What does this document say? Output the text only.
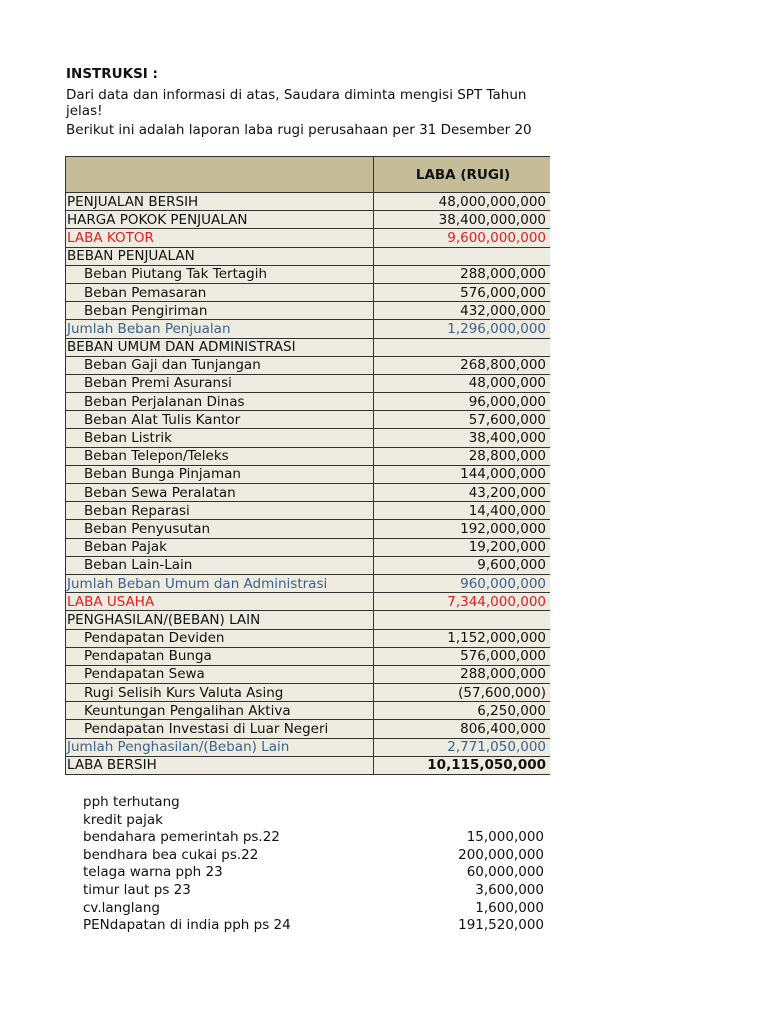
INSTRUKSI :
Dari data dan informasi di atas, Saudara diminta mengisi SPT Tahun
jelas!
Berikut ini adalah laporan laba rugi perusahaan per 31 Desember 20
	LABA (RUGI)
PENJUALAN BERSIH	48,000,000,000
HARGA POKOK PENJUALAN	38,400,000,000
LABA KOTOR	9,600,000,000
BEBAN PENJUALAN	
Beban Piutang Tak Tertagih	288,000,000
Beban Pemasaran	576,000,000
Beban Pengiriman	432,000,000
Jumlah Beban Penjualan	1,296,000,000
BEBAN UMUM DAN ADMINISTRASI	
Beban Gaji dan Tunjangan	268,800,000
Beban Premi Asuransi	48,000,000
Beban Perjalanan Dinas	96,000,000
Beban Alat Tulis Kantor	57,600,000
Beban Listrik	38,400,000
Beban Telepon/Teleks	28,800,000
Beban Bunga Pinjaman	144,000,000
Beban Sewa Peralatan	43,200,000
Beban Reparasi	14,400,000
Beban Penyusutan	192,000,000
Beban Pajak	19,200,000
Beban Lain-Lain	9,600,000
Jumlah Beban Umum dan Administrasi	960,000,000
LABA USAHA	7,344,000,000
PENGHASILAN/(BEBAN) LAIN	
Pendapatan Deviden	1,152,000,000
Pendapatan Bunga	576,000,000
Pendapatan Sewa	288,000,000
Rugi Selisih Kurs Valuta Asing	(57,600,000)
Keuntungan Pengalihan Aktiva	6,250,000
Pendapatan Investasi di Luar Negeri	806,400,000
Jumlah Penghasilan/(Beban) Lain	2,771,050,000
LABA BERSIH	10,115,050,000
pph terhutang
kredit pajak
bendahara pemerintah ps.22	15,000,000
bendhara bea cukai ps.22	200,000,000
telaga warna pph 23	60,000,000
timur laut ps 23	3,600,000
cv.langlang	1,600,000
PENdapatan di india pph ps 24	191,520,000
